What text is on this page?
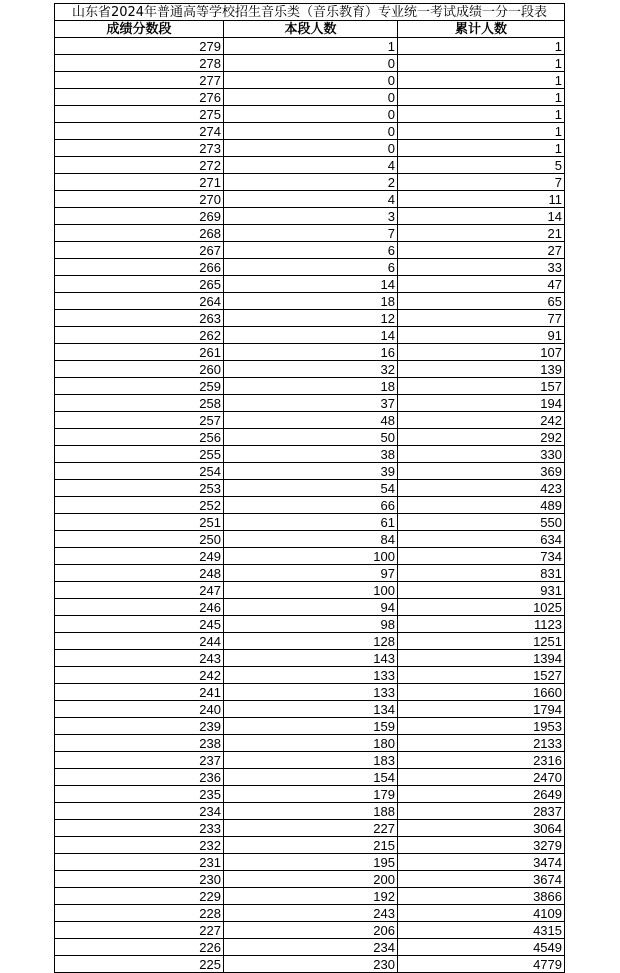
山东省2024年普通高等学校招生音乐类（音乐教育）专业统一考试成绩一分一段表		
成绩分数段	本段人数	累计人数
279	1	1
278	0	1
277	0	1
276	0	1
275	0	1
274	0	1
273	0	1
272	4	5
271	2	7
270	4	11
269	3	14
268	7	21
267	6	27
266	6	33
265	14	47
264	18	65
263	12	77
262	14	91
261	16	107
260	32	139
259	18	157
258	37	194
257	48	242
256	50	292
255	38	330
254	39	369
253	54	423
252	66	489
251	61	550
250	84	634
249	100	734
248	97	831
247	100	931
246	94	1025
245	98	1123
244	128	1251
243	143	1394
242	133	1527
241	133	1660
240	134	1794
239	159	1953
238	180	2133
237	183	2316
236	154	2470
235	179	2649
234	188	2837
233	227	3064
232	215	3279
231	195	3474
230	200	3674
229	192	3866
228	243	4109
227	206	4315
226	234	4549
225	230	4779
